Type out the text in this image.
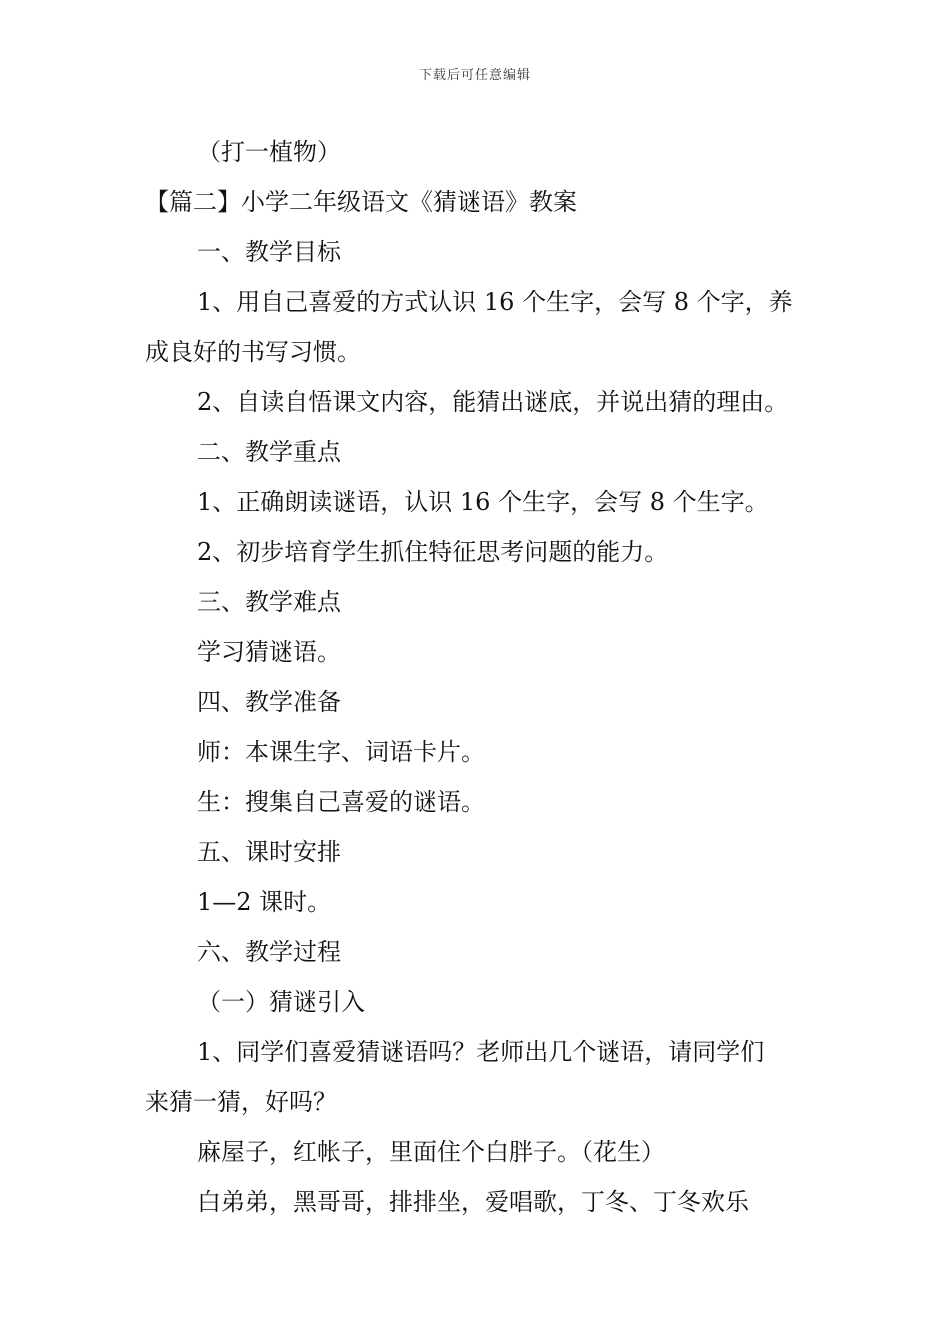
下载后可任意编辑
（打一植物）
【篇二】小学二年级语文《猜谜语》教案
一、教学目标
1、用自己喜爱的方式认识 16 个生字，会写 8 个字，养
成良好的书写习惯。
2、自读自悟课文内容，能猜出谜底，并说出猜的理由。
二、教学重点
1、正确朗读谜语，认识 16 个生字，会写 8 个生字。
2、初步培育学生抓住特征思考问题的能力。
三、教学难点
学习猜谜语。
四、教学准备
师：本课生字、词语卡片。
生：搜集自己喜爱的谜语。
五、课时安排
1—2 课时。
六、教学过程
（一）猜谜引入
1、同学们喜爱猜谜语吗？老师出几个谜语，请同学们
来猜一猜，好吗？
麻屋子，红帐子，里面住个白胖子。（花生）
白弟弟，黑哥哥，排排坐，爱唱歌，丁冬、丁冬欢乐
